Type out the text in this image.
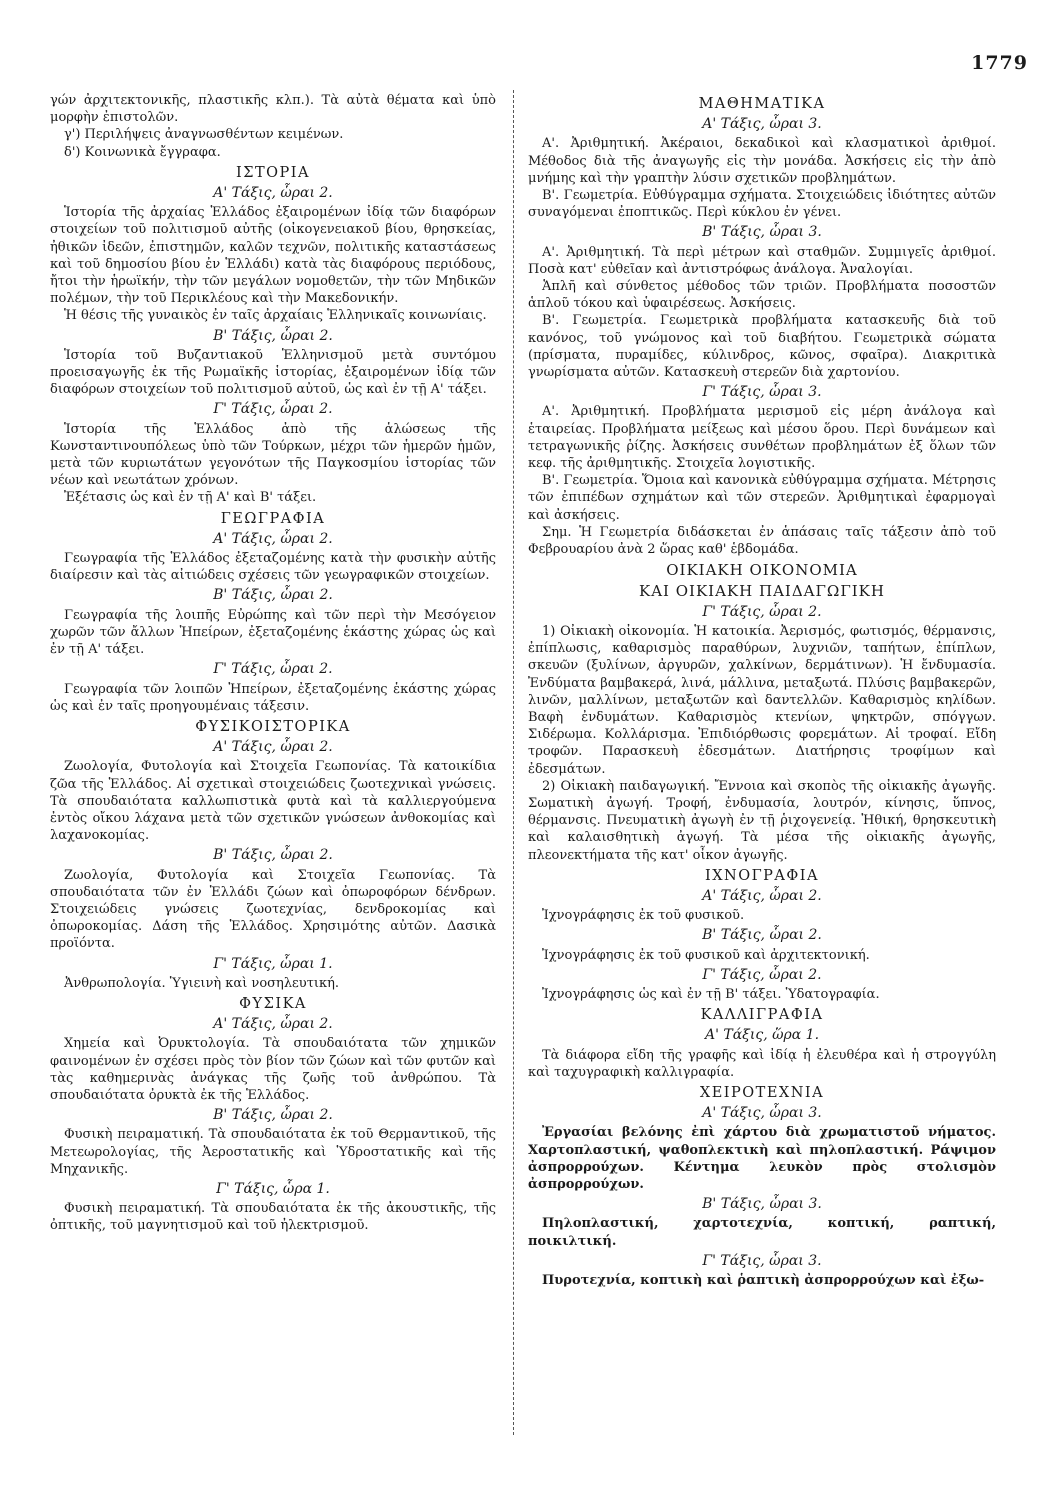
1779
γών ἀρχιτεκτονικῆς, πλαστικῆς κλπ.). Τὰ αὐτὰ θέματα καὶ ὑπὸ μορφὴν ἐπιστολῶν.
γ') Περιλήψεις ἀναγνωσθέντων κειμένων.
δ') Κοινωνικὰ ἔγγραφα.
ΙΣΤΟΡΙΑ
Α' Τάξις, ὧραι 2.
Ἱστορία τῆς ἀρχαίας Ἑλλάδος ἐξαιρομένων ἰδίᾳ τῶν διαφόρων στοιχείων τοῦ πολιτισμοῦ αὐτῆς (οἰκογενειακοῦ βίου, θρησκείας, ἠθικῶν ἰδεῶν, ἐπιστημῶν, καλῶν τεχνῶν, πολιτικῆς καταστάσεως καὶ τοῦ δημοσίου βίου ἐν Ἑλλάδι) κατὰ τὰς διαφόρους περιόδους, ἤτοι τὴν ἡρωϊκήν, τὴν τῶν μεγάλων νομοθετῶν, τὴν τῶν Μηδικῶν πολέμων, τὴν τοῦ Περικλέους καὶ τὴν Μακεδονικήν.
Ἡ θέσις τῆς γυναικὸς ἐν ταῖς ἀρχαίαις Ἑλληνικαῖς κοινωνίαις.
Β' Τάξις, ὧραι 2.
Ἱστορία τοῦ Βυζαντιακοῦ Ἑλληνισμοῦ μετὰ συντόμου προεισαγωγῆς ἐκ τῆς Ρωμαϊκῆς ἱστορίας, ἐξαιρομένων ἰδίᾳ τῶν διαφόρων στοιχείων τοῦ πολιτισμοῦ αὐτοῦ, ὡς καὶ ἐν τῇ Α' τάξει.
Γ' Τάξις, ὧραι 2.
Ἱστορία τῆς Ἑλλάδος ἀπὸ τῆς ἁλώσεως τῆς Κωνσταντινουπόλεως ὑπὸ τῶν Τούρκων, μέχρι τῶν ἡμερῶν ἡμῶν, μετὰ τῶν κυριωτάτων γεγονότων τῆς Παγκοσμίου ἱστορίας τῶν νέων καὶ νεωτάτων χρόνων.
Ἐξέτασις ὡς καὶ ἐν τῇ Α' καὶ Β' τάξει.
ΓΕΩΓΡΑΦΙΑ
Α' Τάξις, ὧραι 2.
Γεωγραφία τῆς Ἑλλάδος ἐξεταζομένης κατὰ τὴν φυσικὴν αὐτῆς διαίρεσιν καὶ τὰς αἰτιώδεις σχέσεις τῶν γεωγραφικῶν στοιχείων.
Β' Τάξις, ὧραι 2.
Γεωγραφία τῆς λοιπῆς Εὐρώπης καὶ τῶν περὶ τὴν Μεσόγειον χωρῶν τῶν ἄλλων Ἠπείρων, ἐξεταζομένης ἑκάστης χώρας ὡς καὶ ἐν τῇ Α' τάξει.
Γ' Τάξις, ὧραι 2.
Γεωγραφία τῶν λοιπῶν Ἠπείρων, ἐξεταζομένης ἑκάστης χώρας ὡς καὶ ἐν ταῖς προηγουμέναις τάξεσιν.
ΦΥΣΙΚΟΙΣΤΟΡΙΚΑ
Α' Τάξις, ὧραι 2.
Ζωολογία, Φυτολογία καὶ Στοιχεῖα Γεωπονίας. Τὰ κατοικίδια ζῶα τῆς Ἑλλάδος. Αἱ σχετικαὶ στοιχειώδεις ζωοτεχνικαὶ γνώσεις. Τὰ σπουδαιότατα καλλωπιστικὰ φυτὰ καὶ τὰ καλλιεργούμενα ἐντὸς οἴκου λάχανα μετὰ τῶν σχετικῶν γνώσεων ἀνθοκομίας καὶ λαχανοκομίας.
Β' Τάξις, ὧραι 2.
Ζωολογία, Φυτολογία καὶ Στοιχεῖα Γεωπονίας. Τὰ σπουδαιότατα τῶν ἐν Ἑλλάδι ζώων καὶ ὀπωροφόρων δένδρων. Στοιχειώδεις γνώσεις ζωοτεχνίας, δενδροκομίας καὶ ὀπωροκομίας. Δάση τῆς Ἑλλάδος. Χρησιμότης αὐτῶν. Δασικὰ προϊόντα.
Γ' Τάξις, ὧραι 1.
Ἀνθρωπολογία. Ὑγιεινὴ καὶ νοσηλευτική.
ΦΥΣΙΚΑ
Α' Τάξις, ὧραι 2.
Χημεία καὶ Ὀρυκτολογία. Τὰ σπουδαιότατα τῶν χημικῶν φαινομένων ἐν σχέσει πρὸς τὸν βίον τῶν ζώων καὶ τῶν φυτῶν καὶ τὰς καθημερινὰς ἀνάγκας τῆς ζωῆς τοῦ ἀνθρώπου. Τὰ σπουδαιότατα ὀρυκτὰ ἐκ τῆς Ἑλλάδος.
Β' Τάξις, ὧραι 2.
Φυσικὴ πειραματική. Τὰ σπουδαιότατα ἐκ τοῦ Θερμαντικοῦ, τῆς Μετεωρολογίας, τῆς Ἀεροστατικῆς καὶ Ὑδροστατικῆς καὶ τῆς Μηχανικῆς.
Γ' Τάξις, ὧρα 1.
Φυσικὴ πειραματική. Τὰ σπουδαιότατα ἐκ τῆς ἀκουστικῆς, τῆς ὀπτικῆς, τοῦ μαγνητισμοῦ καὶ τοῦ ἠλεκτρισμοῦ.
ΜΑΘΗΜΑΤΙΚΑ
Α' Τάξις, ὧραι 3.
Α'. Ἀριθμητική. Ἀκέραιοι, δεκαδικοὶ καὶ κλασματικοὶ ἀριθμοί. Μέθοδος διὰ τῆς ἀναγωγῆς εἰς τὴν μονάδα. Ἀσκήσεις εἰς τὴν ἀπὸ μνήμης καὶ τὴν γραπτὴν λύσιν σχετικῶν προβλημάτων.
Β'. Γεωμετρία. Εὐθύγραμμα σχήματα. Στοιχειώδεις ἰδιότητες αὐτῶν συναγόμεναι ἐποπτικῶς. Περὶ κύκλου ἐν γένει.
Β' Τάξις, ὧραι 3.
Α'. Ἀριθμητική. Τὰ περὶ μέτρων καὶ σταθμῶν. Συμμιγεῖς ἀριθμοί. Ποσὰ κατ' εὐθεῖαν καὶ ἀντιστρόφως ἀνάλογα. Ἀναλογίαι.
Ἁπλῆ καὶ σύνθετος μέθοδος τῶν τριῶν. Προβλήματα ποσοστῶν ἁπλοῦ τόκου καὶ ὑφαιρέσεως. Ἀσκήσεις.
Β'. Γεωμετρία. Γεωμετρικὰ προβλήματα κατασκευῆς διὰ τοῦ κανόνος, τοῦ γνώμονος καὶ τοῦ διαβήτου. Γεωμετρικὰ σώματα (πρίσματα, πυραμίδες, κύλινδρος, κῶνος, σφαῖρα). Διακριτικὰ γνωρίσματα αὐτῶν. Κατασκευὴ στερεῶν διὰ χαρτονίου.
Γ' Τάξις, ὧραι 3.
Α'. Ἀριθμητική. Προβλήματα μερισμοῦ εἰς μέρη ἀνάλογα καὶ ἑταιρείας. Προβλήματα μείξεως καὶ μέσου ὅρου. Περὶ δυνάμεων καὶ τετραγωνικῆς ῥίζης. Ἀσκήσεις συνθέτων προβλημάτων ἐξ ὅλων τῶν κεφ. τῆς ἀριθμητικῆς. Στοιχεῖα λογιστικῆς.
Β'. Γεωμετρία. Ὅμοια καὶ κανονικὰ εὐθύγραμμα σχήματα. Μέτρησις τῶν ἐπιπέδων σχημάτων καὶ τῶν στερεῶν. Ἀριθμητικαὶ ἐφαρμογαὶ καὶ ἀσκήσεις.
Σημ. Ἡ Γεωμετρία διδάσκεται ἐν ἁπάσαις ταῖς τάξεσιν ἀπὸ τοῦ Φεβρουαρίου ἀνὰ 2 ὥρας καθ' ἑβδομάδα.
ΟΙΚΙΑΚΗ ΟΙΚΟΝΟΜΙΑ
ΚΑΙ ΟΙΚΙΑΚΗ ΠΑΙΔΑΓΩΓΙΚΗ
Γ' Τάξις, ὧραι 2.
1) Οἰκιακὴ οἰκονομία. Ἡ κατοικία. Ἀερισμός, φωτισμός, θέρμανσις, ἐπίπλωσις, καθαρισμὸς παραθύρων, λυχνιῶν, ταπήτων, ἐπίπλων, σκευῶν (ξυλίνων, ἀργυρῶν, χαλκίνων, δερμάτινων). Ἡ ἔνδυμασία. Ἐνδύματα βαμβακερά, λινά, μάλλινα, μεταξωτά. Πλύσις βαμβακερῶν, λινῶν, μαλλίνων, μεταξωτῶν καὶ δαντελλῶν. Καθαρισμὸς κηλίδων. Βαφὴ ἐνδυμάτων. Καθαρισμὸς κτενίων, ψηκτρῶν, σπόγγων. Σιδέρωμα. Κολλάρισμα. Ἐπιδιόρθωσις φορεμάτων. Αἱ τροφαί. Εἴδη τροφῶν. Παρασκευὴ ἐδεσμάτων. Διατήρησις τροφίμων καὶ ἐδεσμάτων.
2) Οἰκιακὴ παιδαγωγική. Ἔννοια καὶ σκοπὸς τῆς οἰκιακῆς ἀγωγῆς. Σωματικὴ ἀγωγή. Τροφή, ἐνδυμασία, λουτρόν, κίνησις, ὕπνος, θέρμανσις. Πνευματικὴ ἀγωγὴ ἐν τῇ ῥιχογενείᾳ. Ἠθική, θρησκευτικὴ καὶ καλαισθητικὴ ἀγωγή. Τὰ μέσα τῆς οἰκιακῆς ἀγωγῆς, πλεονεκτήματα τῆς κατ' οἶκον ἀγωγῆς.
ΙΧΝΟΓΡΑΦΙΑ
Α' Τάξις, ὧραι 2.
Ἰχνογράφησις ἐκ τοῦ φυσικοῦ.
Β' Τάξις, ὧραι 2.
Ἰχνογράφησις ἐκ τοῦ φυσικοῦ καὶ ἀρχιτεκτονική.
Γ' Τάξις, ὧραι 2.
Ἰχνογράφησις ὡς καὶ ἐν τῇ Β' τάξει. Ὑδατογραφία.
ΚΑΛΛΙΓΡΑΦΙΑ
Α' Τάξις, ὥρα 1.
Τὰ διάφορα εἴδη τῆς γραφῆς καὶ ἰδίᾳ ἡ ἐλευθέρα καὶ ἡ στρογγύλη καὶ ταχυγραφικὴ καλλιγραφία.
ΧΕΙΡΟΤΕΧΝΙΑ
Α' Τάξις, ὧραι 3.
Ἐργασίαι βελόνης ἐπὶ χάρτου διὰ χρωματιστοῦ νήματος. Χαρτοπλαστική, ψαθοπλεκτικὴ καὶ πηλοπλαστική. Ράψιμον ἀσπρορρούχων. Κέντημα λευκὸν πρὸς στολισμὸν ἀσπρορρούχων.
Β' Τάξις, ὧραι 3.
Πηλοπλαστική, χαρτοτεχνία, κοπτική, ραπτική, ποικιλτική.
Γ' Τάξις, ὧραι 3.
Πυροτεχνία, κοπτικὴ καὶ ῥαπτικὴ ἀσπρορρούχων καὶ ἐξω-
